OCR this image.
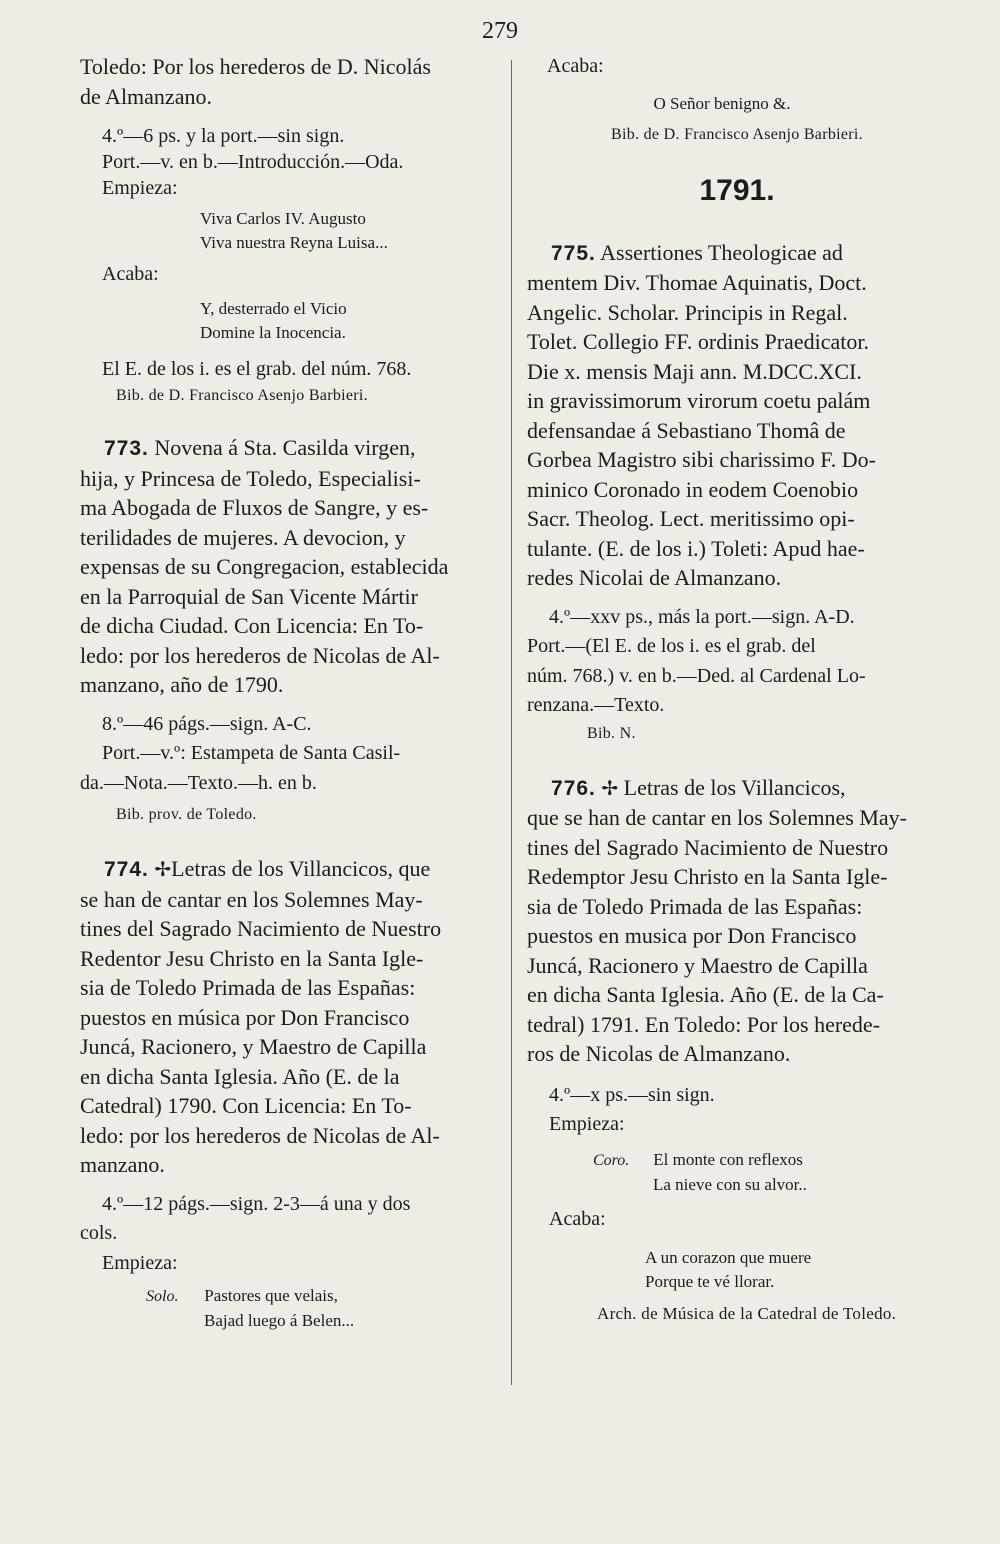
279

Toledo: Por los herederos de D. Nicolás

de Almanzano.

4.º—6 ps. y la port.—sin sign.

Port.—v. en b.—Introducción.—Oda.

Empieza:

Viva Carlos IV. Augusto

Viva nuestra Reyna Luisa...

Acaba:

Y, desterrado el Vicio

Domine la Inocencia.

El E. de los i. es el grab. del núm. 768.

Bib. de D. Francisco Asenjo Barbieri.

773. Novena á Sta. Casilda virgen,

hija, y Princesa de Toledo, Especialisi-

ma Abogada de Fluxos de Sangre, y es-

terilidades de mujeres. A devocion, y

expensas de su Congregacion, establecida

en la Parroquial de San Vicente Mártir

de dicha Ciudad. Con Licencia: En To-

ledo: por los herederos de Nicolas de Al-

manzano, año de 1790.

8.º—46 págs.—sign. A-C.

Port.—v.º: Estampeta de Santa Casil-

da.—Nota.—Texto.—h. en b.

Bib. prov. de Toledo.

774. ✢Letras de los Villancicos, que

se han de cantar en los Solemnes May-

tines del Sagrado Nacimiento de Nuestro

Redentor Jesu Christo en la Santa Igle-

sia de Toledo Primada de las Españas:

puestos en música por Don Francisco

Juncá, Racionero, y Maestro de Capilla

en dicha Santa Iglesia. Año (E. de la

Catedral) 1790. Con Licencia: En To-

ledo: por los herederos de Nicolas de Al-

manzano.

4.º—12 págs.—sign. 2-3—á una y dos

cols.

Empieza:

Solo. Pastores que velais,

Bajad luego á Belen...

Acaba:

O Señor benigno &.

Bib. de D. Francisco Asenjo Barbieri.

1791.

775. Assertiones Theologicae ad

mentem Div. Thomae Aquinatis, Doct.

Angelic. Scholar. Principis in Regal.

Tolet. Collegio FF. ordinis Praedicator.

Die x. mensis Maji ann. M.DCC.XCI.

in gravissimorum virorum coetu palám

defensandae á Sebastiano Thomâ de

Gorbea Magistro sibi charissimo F. Do-

minico Coronado in eodem Coenobio

Sacr. Theolog. Lect. meritissimo opi-

tulante. (E. de los i.) Toleti: Apud hae-

redes Nicolai de Almanzano.

4.º—xxv ps., más la port.—sign. A-D.

Port.—(El E. de los i. es el grab. del

núm. 768.) v. en b.—Ded. al Cardenal Lo-

renzana.—Texto.

Bib. N.

776. ✢ Letras de los Villancicos,

que se han de cantar en los Solemnes May-

tines del Sagrado Nacimiento de Nuestro

Redemptor Jesu Christo en la Santa Igle-

sia de Toledo Primada de las Españas:

puestos en musica por Don Francisco

Juncá, Racionero y Maestro de Capilla

en dicha Santa Iglesia. Año (E. de la Ca-

tedral) 1791. En Toledo: Por los herede-

ros de Nicolas de Almanzano.

4.º—x ps.—sin sign.

Empieza:

Coro. El monte con reflexos

La nieve con su alvor..

Acaba:

A un corazon que muere

Porque te vé llorar.

Arch. de Música de la Catedral de Toledo.
